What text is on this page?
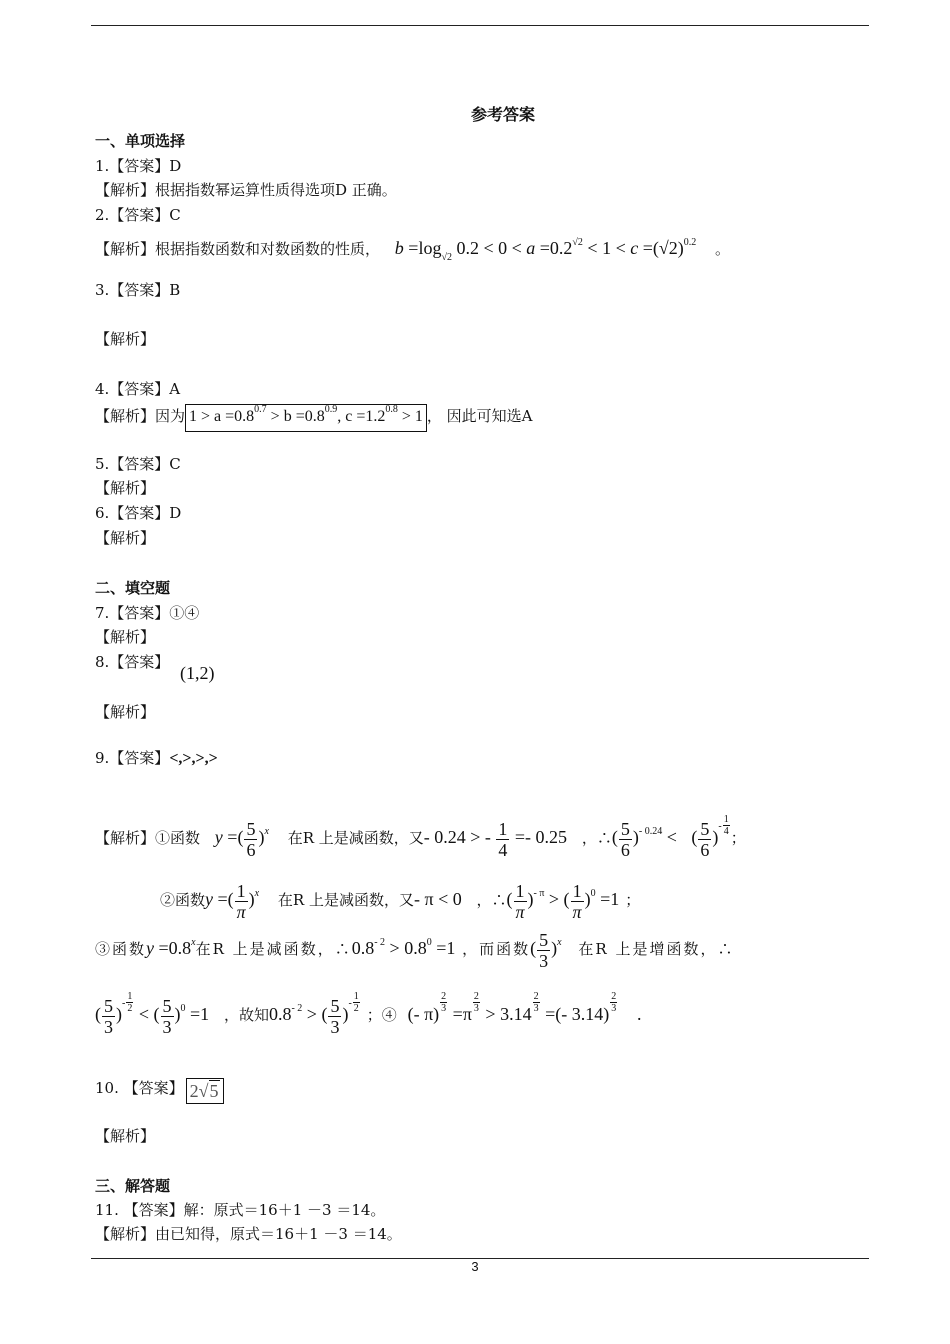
参考答案
一、单项选择
1.【答案】D
【解析】根据指数幂运算性质得选项D 正确。
2.【答案】C
【解析】根据指数函数和对数函数的性质， $b =\log_{√2}$ $0.2 < 0 < a =0.2^{√2} < 1 < c =(√2)^{0.2}$ 。
3.【答案】B
【解析】
4.【答案】A
【解析】因为 $1 > a =0.8^{0.7} > b =0.8^{0.9}$, $c =1.2^{0.8} > 1$ ， 因此可知选A
5.【答案】C
【解析】
6.【答案】D
【解析】
二、填空题
7.【答案】①④
【解析】
8.【答案】
(1,2)
【解析】
9.【答案】<,>,>,>
【解析】①函数 y =( $\frac{5}{6} )^x$ 在R 上是减函数，又- 0.24 > - $\frac{1}{4} =- 0.25$ ，∴( $\frac{5}{6} )^{- 0.24}$ < ( $\frac{5}{6}$ )- $\frac{1}{4}$
；
②函数y =( $\frac{1}{\pi} )^x$ 在R 上是减函数，又- π < 0 ，∴( $\frac{1}{\pi} )^{- \pi}$ > ( $\frac{1}{\pi} )^0 =1$ ；
③函数$y =0.8^x$在R 上是减函数，$\therefore 0.8^{- 2} > 0.8^0 =1$ ，而函数( $\frac{5}{3} )^x$ 在R 上是增函数，∴
( $\frac{5}{3}$ )- $\frac{1}{2}$
< ( $\frac{5}{3} )^0 =1$ ，故知$0.8^{- 2}$ > ( $\frac{5}{3}$ )- $\frac{1}{2}$
；④ (- π)
$\frac{2}{3}$
=π
$\frac{2}{3}$
> 3.14
$\frac{2}{3}$
=(- 3.14)
$\frac{2}{3}$
.
10. 【答案】 2√5
【解析】
三、解答题
11. 【答案】解：原式＝16＋1 －3 ＝14。
【解析】由已知得，原式＝16＋1 －3 ＝14。
3
